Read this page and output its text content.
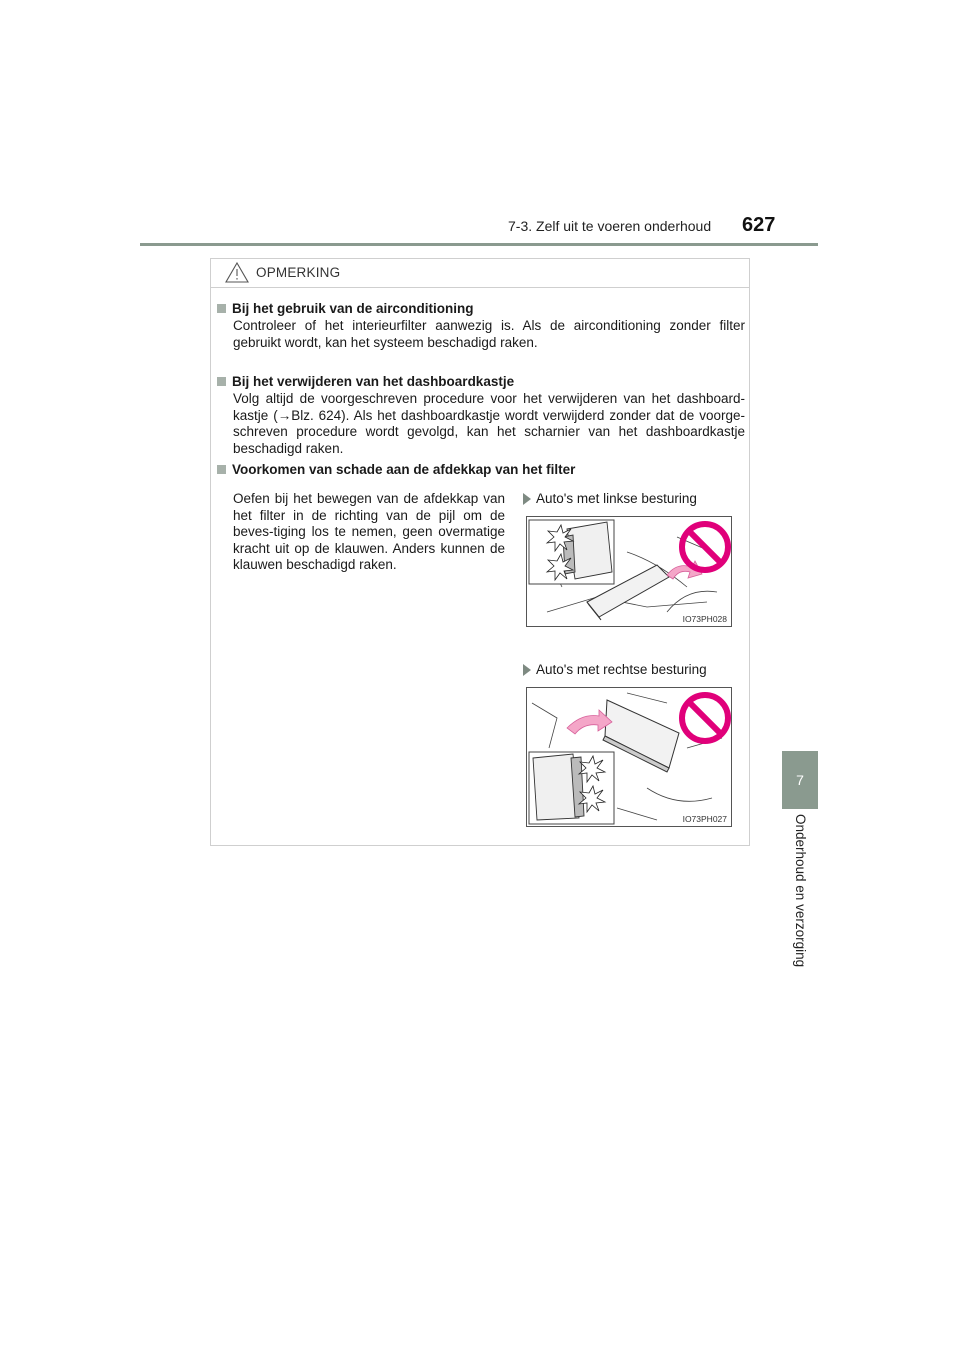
7-3. Zelf uit te voeren onderhoud 627
7
Onderhoud en verzorging
OPMERKING
Bij het gebruik van de airconditioning
Controleer of het interieurfilter aanwezig is. Als de airconditioning zonder filter gebruikt wordt, kan het systeem beschadigd raken.
Bij het verwijderen van het dashboardkastje
Volg altijd de voorgeschreven procedure voor het verwijderen van het dashboard-kastje (→Blz. 624). Als het dashboardkastje wordt verwijderd zonder dat de voorge-schreven procedure wordt gevolgd, kan het scharnier van het dashboardkastje beschadigd raken.
Voorkomen van schade aan de afdekkap van het filter
Oefen bij het bewegen van de afdekkap van het filter in de richting van de pijl om de beves-tiging los te nemen, geen overmatige kracht uit op de klauwen. Anders kunnen de klauwen beschadigd raken.
Auto's met linkse besturing
IO73PH028
Auto's met rechtse besturing
IO73PH027
